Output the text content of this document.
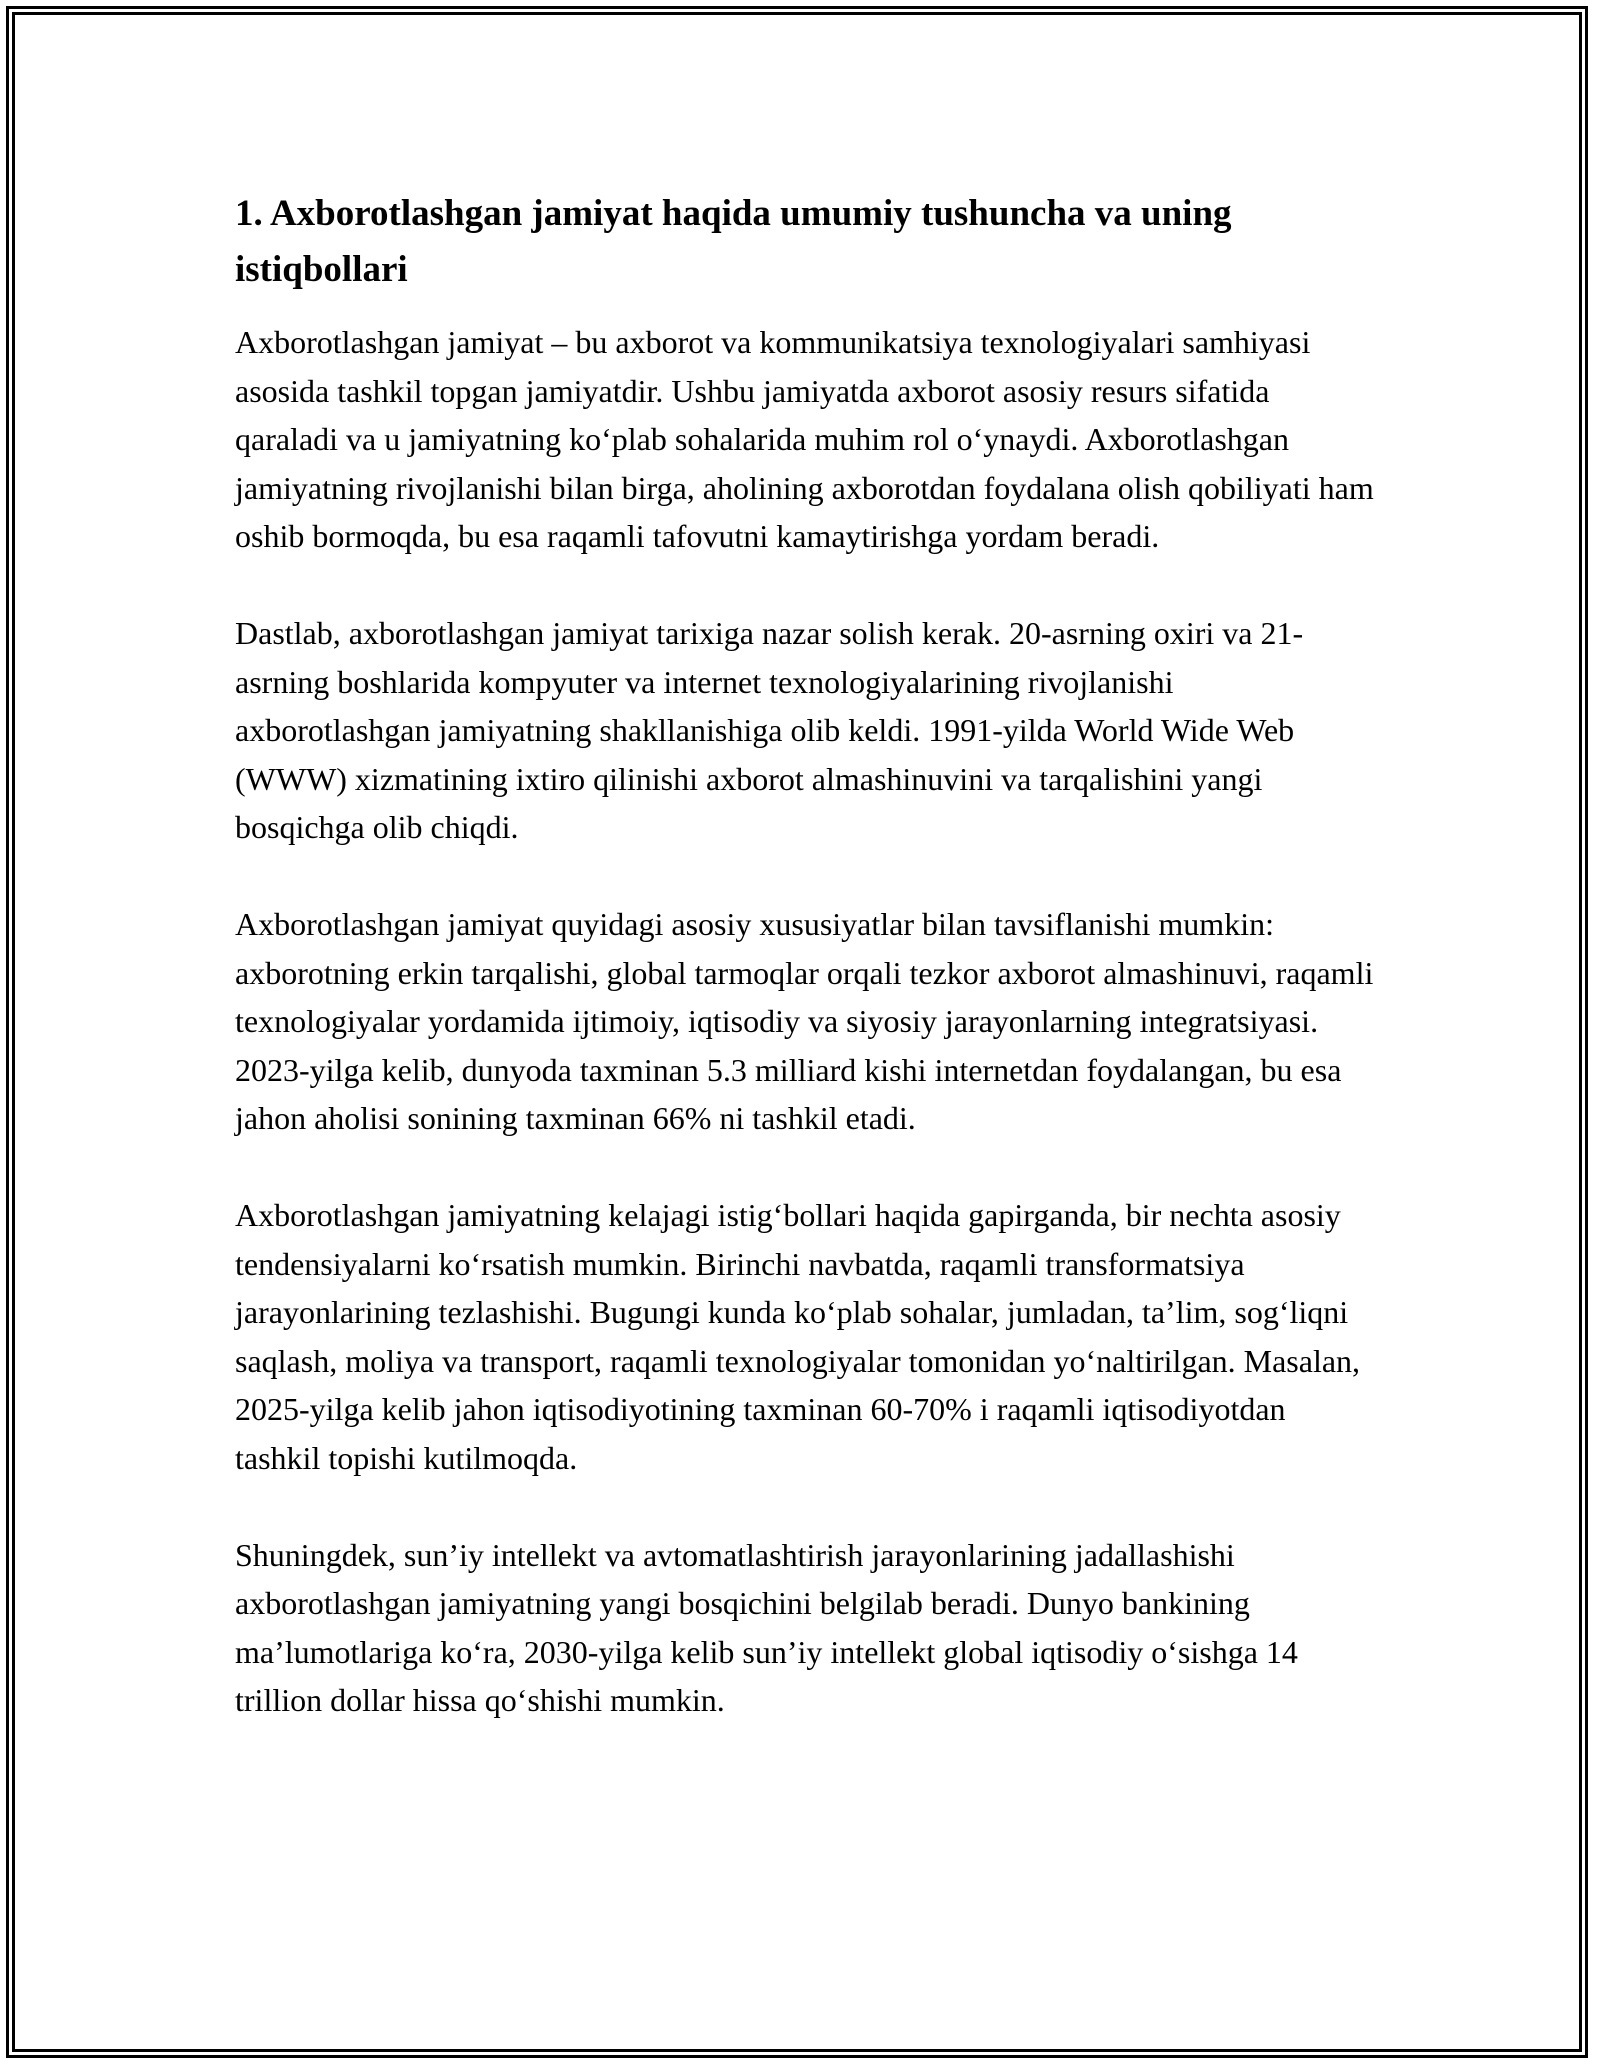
1. Axborotlashgan jamiyat haqida umumiy tushuncha va uning istiqbollari

Axborotlashgan jamiyat – bu axborot va kommunikatsiya texnologiyalari samhiyasi asosida tashkil topgan jamiyatdir. Ushbu jamiyatda axborot asosiy resurs sifatida qaraladi va u jamiyatning ko‘plab sohalarida muhim rol o‘ynaydi. Axborotlashgan jamiyatning rivojlanishi bilan birga, aholining axborotdan foydalana olish qobiliyati ham oshib bormoqda, bu esa raqamli tafovutni kamaytirishga yordam beradi.

Dastlab, axborotlashgan jamiyat tarixiga nazar solish kerak. 20-asrning oxiri va 21-asrning boshlarida kompyuter va internet texnologiyalarining rivojlanishi axborotlashgan jamiyatning shakllanishiga olib keldi. 1991-yilda World Wide Web (WWW) xizmatining ixtiro qilinishi axborot almashinuvini va tarqalishini yangi bosqichga olib chiqdi.

Axborotlashgan jamiyat quyidagi asosiy xususiyatlar bilan tavsiflanishi mumkin: axborotning erkin tarqalishi, global tarmoqlar orqali tezkor axborot almashinuvi, raqamli texnologiyalar yordamida ijtimoiy, iqtisodiy va siyosiy jarayonlarning integratsiyasi. 2023-yilga kelib, dunyoda taxminan 5.3 milliard kishi internetdan foydalangan, bu esa jahon aholisi sonining taxminan 66% ni tashkil etadi.

Axborotlashgan jamiyatning kelajagi istig‘bollari haqida gapirganda, bir nechta asosiy tendensiyalarni ko‘rsatish mumkin. Birinchi navbatda, raqamli transformatsiya jarayonlarining tezlashishi. Bugungi kunda ko‘plab sohalar, jumladan, ta’lim, sog‘liqni saqlash, moliya va transport, raqamli texnologiyalar tomonidan yo‘naltirilgan. Masalan, 2025-yilga kelib jahon iqtisodiyotining taxminan 60-70% i raqamli iqtisodiyotdan tashkil topishi kutilmoqda.

Shuningdek, sun’iy intellekt va avtomatlashtirish jarayonlarining jadallashishi axborotlashgan jamiyatning yangi bosqichini belgilab beradi. Dunyo bankining ma’lumotlariga ko‘ra, 2030-yilga kelib sun’iy intellekt global iqtisodiy o‘sishga 14 trillion dollar hissa qo‘shishi mumkin.
